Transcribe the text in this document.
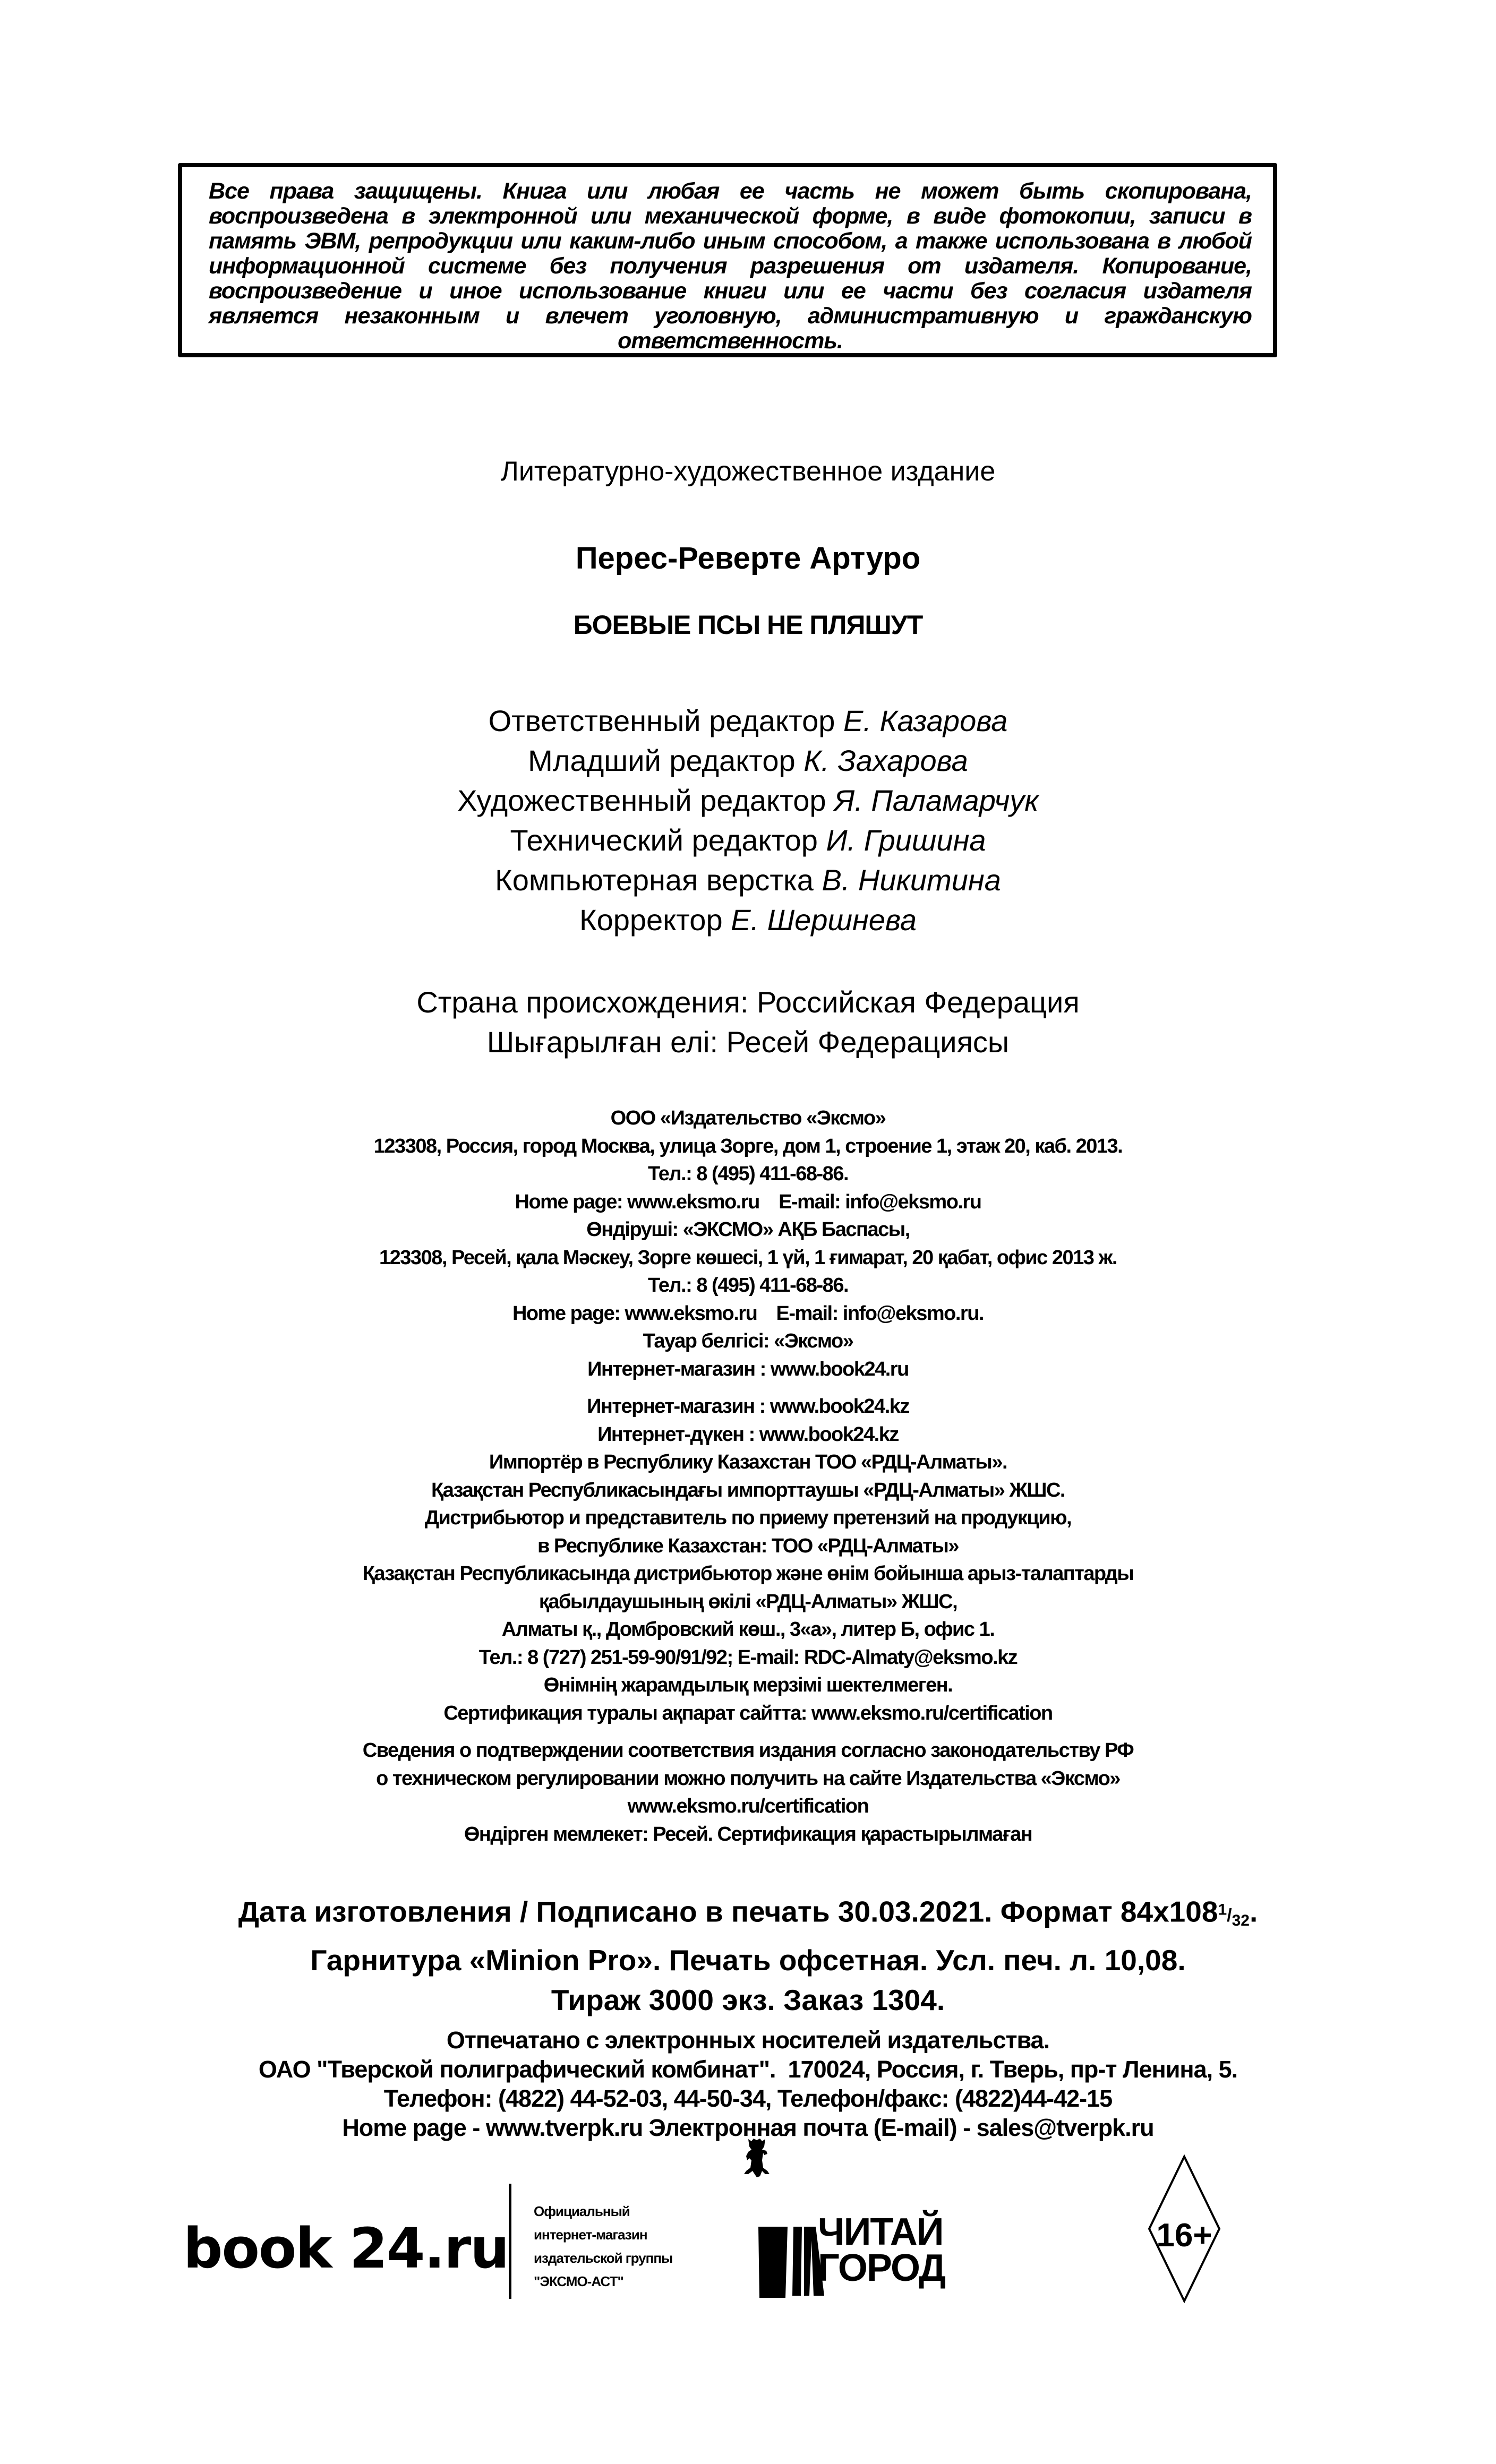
Все права защищены. Книга или любая ее часть не может быть скопирована, воспроизведена в электронной или механической форме, в виде фотокопии, записи в память ЭВМ, репродукции или каким-либо иным способом, а также использована в любой информационной системе без получения разрешения от издателя. Копирование, воспроизведение и иное использование книги или ее части без согласия издателя является незаконным и влечет уголовную, административную и гражданскую ответственность.
Литературно-художественное издание
Перес-Реверте Артуро
БОЕВЫЕ ПСЫ НЕ ПЛЯШУТ
Ответственный редактор Е. Казарова
Младший редактор К. Захарова
Художественный редактор Я. Паламарчук
Технический редактор И. Гришина
Компьютерная верстка В. Никитина
Корректор Е. Шершнева
Страна происхождения: Российская Федерация
Шығарылған елі: Ресей Федерациясы
ООО «Издательство «Эксмо»
123308, Россия, город Москва, улица Зорге, дом 1, строение 1, этаж 20, каб. 2013.
Тел.: 8 (495) 411-68-86.
Home page: www.eksmo.ru    E-mail: info@eksmo.ru
Өндіруші: «ЭКСМО» АҚБ Баспасы,
123308, Ресей, қала Мәскеу, Зорге көшесі, 1 үй, 1 ғимарат, 20 қабат, офис 2013 ж.
Тел.: 8 (495) 411-68-86.
Home page: www.eksmo.ru    E-mail: info@eksmo.ru.
Тауар белгісі: «Эксмо»
Интернет-магазин : www.book24.ru
Интернет-магазин : www.book24.kz
Интернет-дүкен : www.book24.kz
Импортёр в Республику Казахстан ТОО «РДЦ-Алматы».
Қазақстан Республикасындағы импорттаушы «РДЦ-Алматы» ЖШС.
Дистрибьютор и представитель по приему претензий на продукцию,
в Республике Казахстан: ТОО «РДЦ-Алматы»
Қазақстан Республикасында дистрибьютор және өнім бойынша арыз-талаптарды
қабылдаушының өкілі «РДЦ-Алматы» ЖШС,
Алматы қ., Домбровский көш., 3«а», литер Б, офис 1.
Тел.: 8 (727) 251-59-90/91/92; E-mail: RDC-Almaty@eksmo.kz
Өнімнің жарамдылық мерзімі шектелмеген.
Сертификация туралы ақпарат сайтта: www.eksmo.ru/certification
Сведения о подтверждении соответствия издания согласно законодательству РФ
о техническом регулировании можно получить на сайте Издательства «Эксмо»
www.eksmo.ru/certification
Өндірген мемлекет: Ресей. Сертификация қарастырылмаған
Дата изготовления / Подписано в печать 30.03.2021. Формат $84х108^1/_{32}$.
Гарнитура «Minion Pro». Печать офсетная. Усл. печ. л. 10,08.
Тираж 3000 экз. Заказ 1304.
Отпечатано с электронных носителей издательства.
ОАО "Тверской полиграфический комбинат".  170024, Россия, г. Тверь, пр-т Ленина, 5.
Телефон: (4822) 44-52-03, 44-50-34, Телефон/факс: (4822)44-42-15
Home page - www.tverpk.ru Электронная почта (E-mail) - sales@tverpk.ru
book 24.ru
Официальный
интернет-магазин
издательской группы
"ЭКСМО-АСТ"
ЧИТАЙ
ГОРОД
16+
